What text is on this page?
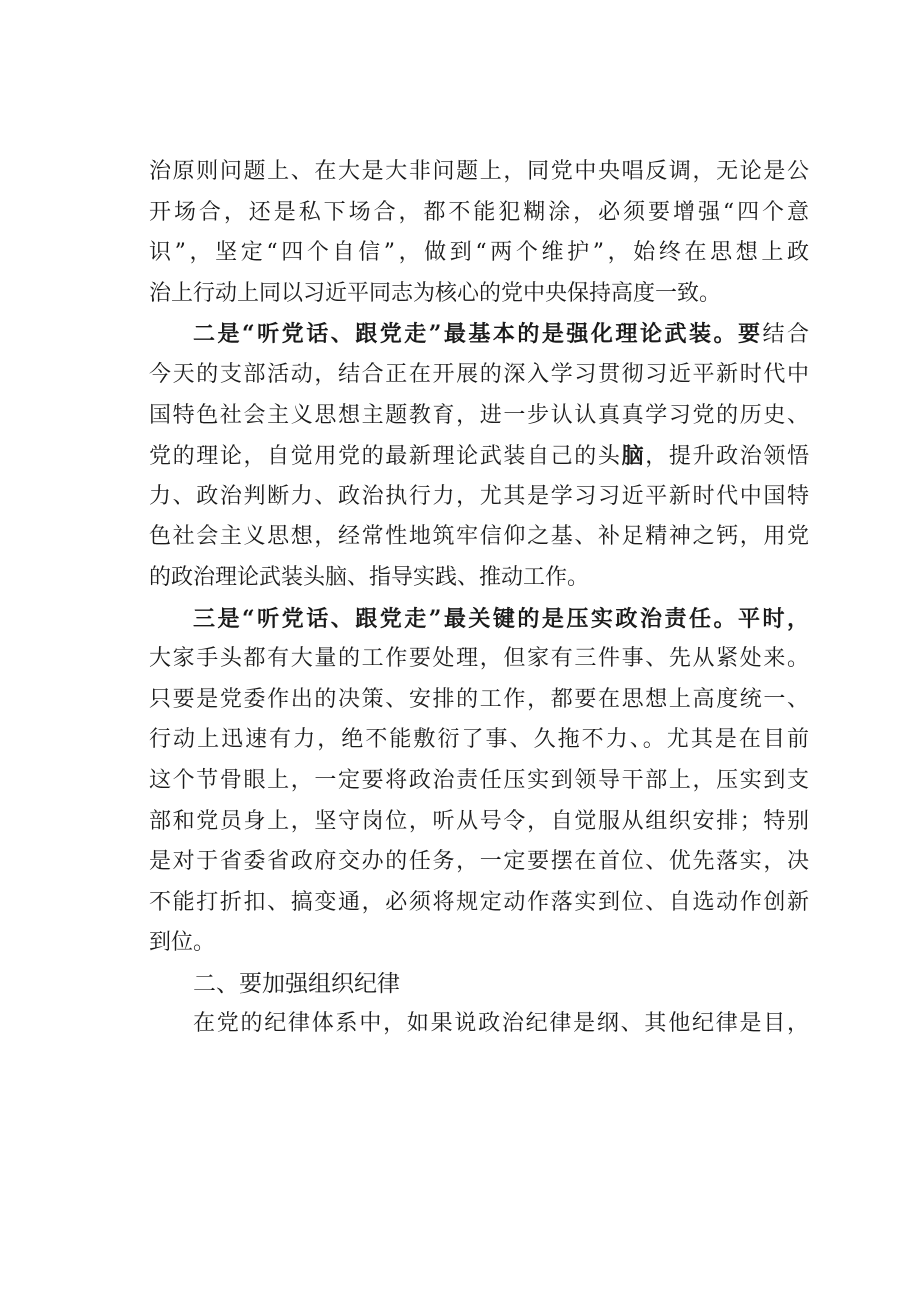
治原则问题上、在大是大非问题上，同党中央唱反调，无论是公
开场合，还是私下场合，都不能犯糊涂，必须要增强“四个意
识”，坚定“四个自信”，做到“两个维护”，始终在思想上政
治上行动上同以习近平同志为核心的党中央保持高度一致。
二是“听党话、跟党走”最基本的是强化理论武装。要结合
今天的支部活动，结合正在开展的深入学习贯彻习近平新时代中
国特色社会主义思想主题教育，进一步认认真真学习党的历史、
党的理论，自觉用党的最新理论武装自己的头脑，提升政治领悟
力、政治判断力、政治执行力，尤其是学习习近平新时代中国特
色社会主义思想，经常性地筑牢信仰之基、补足精神之钙，用党
的政治理论武装头脑、指导实践、推动工作。
三是“听党话、跟党走”最关键的是压实政治责任。平时，
大家手头都有大量的工作要处理，但家有三件事、先从紧处来。
只要是党委作出的决策、安排的工作，都要在思想上高度统一、
行动上迅速有力，绝不能敷衍了事、久拖不力、。尤其是在目前
这个节骨眼上，一定要将政治责任压实到领导干部上，压实到支
部和党员身上，坚守岗位，听从号令，自觉服从组织安排；特别
是对于省委省政府交办的任务，一定要摆在首位、优先落实，决
不能打折扣、搞变通，必须将规定动作落实到位、自选动作创新
到位。
二、要加强组织纪律
在党的纪律体系中，如果说政治纪律是纲、其他纪律是目，
